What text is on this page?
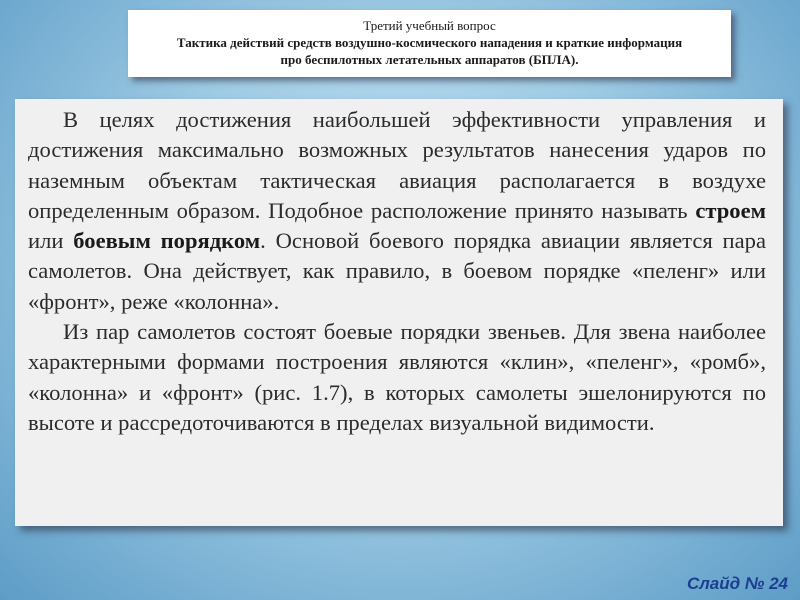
Третий учебный вопрос
Тактика действий средств воздушно-космического нападения и краткие информация про беспилотных летательных аппаратов (БПЛА).

В целях достижения наибольшей эффективности управления и достижения максимально возможных результатов нанесения ударов по наземным объектам тактическая авиация располагается в воздухе определенным образом. Подобное расположение принято называть строем или боевым порядком. Основой боевого порядка авиации является пара самолетов. Она действует, как правило, в боевом порядке «пеленг» или «фронт», реже «колонна».

Из пар самолетов состоят боевые порядки звеньев. Для звена наиболее характерными формами построения являются «клин», «пеленг», «ромб», «колонна» и «фронт» (рис. 1.7), в которых самолеты эшелонируются по высоте и рассредоточиваются в пределах визуальной видимости.

Слайд № 24
